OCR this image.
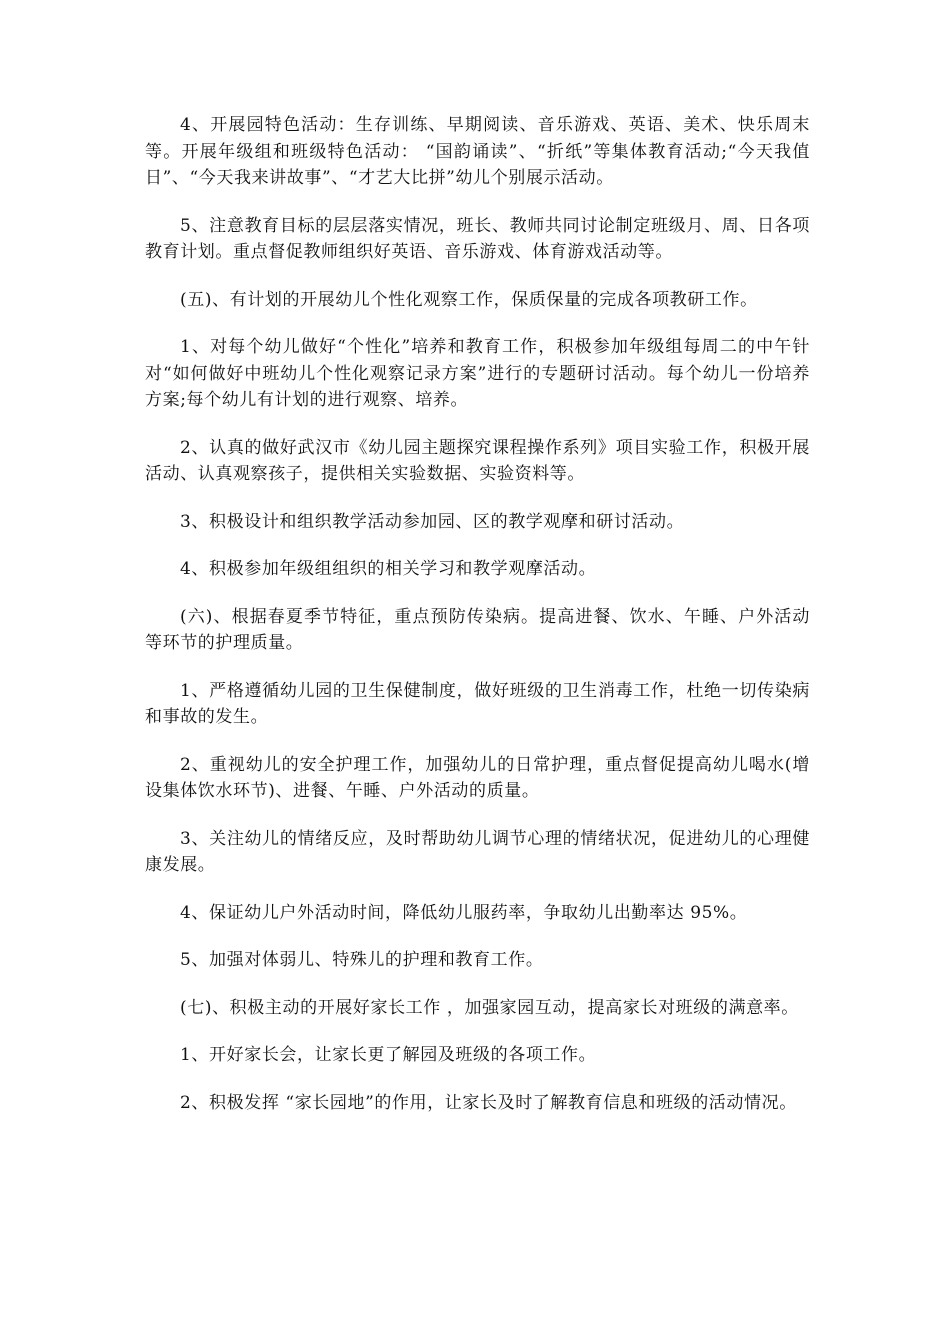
4、开展园特色活动：生存训练、早期阅读、音乐游戏、英语、美术、快乐周末等。开展年级组和班级特色活动： “国韵诵读”、“折纸”等集体教育活动;“今天我值日”、“今天我来讲故事”、“才艺大比拼”幼儿个别展示活动。

5、注意教育目标的层层落实情况，班长、教师共同讨论制定班级月、周、日各项教育计划。重点督促教师组织好英语、音乐游戏、体育游戏活动等。

(五)、有计划的开展幼儿个性化观察工作，保质保量的完成各项教研工作。

1、对每个幼儿做好“个性化”培养和教育工作，积极参加年级组每周二的中午针对“如何做好中班幼儿个性化观察记录方案”进行的专题研讨活动。每个幼儿一份培养方案;每个幼儿有计划的进行观察、培养。

2、认真的做好武汉市《幼儿园主题探究课程操作系列》项目实验工作，积极开展活动、认真观察孩子，提供相关实验数据、实验资料等。

3、积极设计和组织教学活动参加园、区的教学观摩和研讨活动。

4、积极参加年级组组织的相关学习和教学观摩活动。

(六)、根据春夏季节特征，重点预防传染病。提高进餐、饮水、午睡、户外活动等环节的护理质量。

1、严格遵循幼儿园的卫生保健制度，做好班级的卫生消毒工作，杜绝一切传染病和事故的发生。

2、重视幼儿的安全护理工作，加强幼儿的日常护理，重点督促提高幼儿喝水(增设集体饮水环节)、进餐、午睡、户外活动的质量。

3、关注幼儿的情绪反应，及时帮助幼儿调节心理的情绪状况，促进幼儿的心理健康发展。

4、保证幼儿户外活动时间，降低幼儿服药率，争取幼儿出勤率达 95%。

5、加强对体弱儿、特殊儿的护理和教育工作。

(七)、积极主动的开展好家长工作 ，加强家园互动，提高家长对班级的满意率。

1、开好家长会，让家长更了解园及班级的各项工作。

2、积极发挥 “家长园地”的作用，让家长及时了解教育信息和班级的活动情况。
